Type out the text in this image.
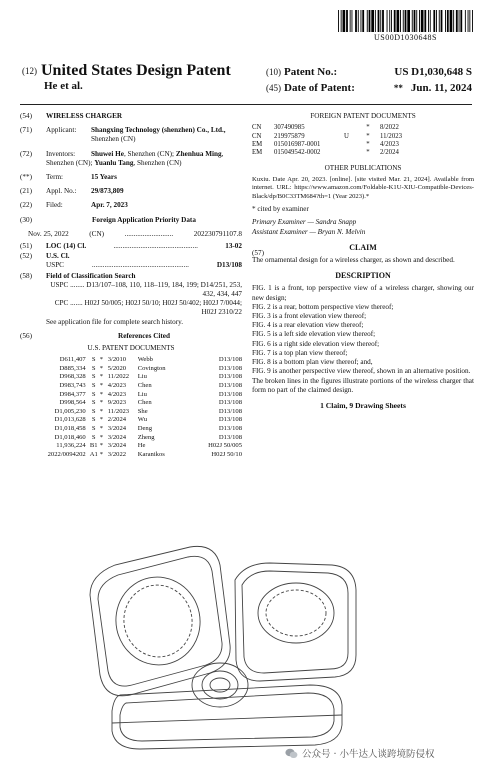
US00D1030648S
(12) United States Design Patent
He et al.
(10) Patent No.:	US D1,030,648 S
(45) Date of Patent:	** Jun. 11, 2024
(54) WIRELESS CHARGER
(71) Applicant: Shangxing Technology (shenzhen) Co., Ltd.,
Shenzhen (CN)
(72) Inventors: Shuwei He, Shenzhen (CN); Zhenhua Ming, Shenzhen (CN); Yuanlu Tang, Shenzhen (CN)
(**) Term:	15 Years
(21) Appl. No.: 29/873,809
(22) Filed:	Apr. 7, 2023
(30)	Foreign Application Priority Data
Nov. 25, 2022	(CN)	...........................	202230791107.8
(51) LOC (14) Cl.	...............................................	13-02
(52) U.S. Cl.
USPC	......................................................	D13/108
(58) Field of Classification Search
USPC ........ D13/107–108, 110, 118–119, 184, 199; D14/251, 253, 432, 434, 447
CPC ....... H02J 50/005; H02J 50/10; H02J 50/402; H02J 7/0044; H02J 2310/22
See application file for complete search history.
(56)	References Cited
U.S. PATENT DOCUMENTS
D611,407	S	*	3/2010	Webb	D13/108
D885,334	S	*	5/2020	Covington	D13/108
D968,328	S	*	11/2022	Liu	D13/108
D983,743	S	*	4/2023	Chen	D13/108
D984,377	S	*	4/2023	Liu	D13/108
D998,564	S	*	9/2023	Chen	D13/108
D1,005,230	S	*	11/2023	She	D13/108
D1,013,628	S	*	2/2024	Wu	D13/108
D1,018,458	S	*	3/2024	Deng	D13/108
D1,018,460	S	*	3/2024	Zheng	D13/108
11,936,224	B1	*	3/2024	He	H02J 50/005
2022/0094202	A1	*	3/2022	Karanikos	H02J 50/10
FOREIGN PATENT DOCUMENTS
CN	307490985		*	8/2022
CN	219975879	U	*	11/2023
EM	015016987-0001		*	4/2023
EM	015049542-0002		*	2/2024
OTHER PUBLICATIONS

Kuxiu. Date Apr. 20, 2023. [online]. [site visited Mar. 21, 2024]. Available from internet. URL: https://www.amazon.com/Foldable-K1U-XIU-Compatible-Devices-Black/dp/B0C33TM684?th=1 (Year 2023).*

* cited by examiner

Primary Examiner — Sandra Snapp

Assistant Examiner — Bryan N. Melvin

(57)
CLAIM

The ornamental design for a wireless charger, as shown and described.

DESCRIPTION

FIG. 1 is a front, top perspective view of a wireless charger, showing our new design;

FIG. 2 is a rear, bottom perspective view thereof;

FIG. 3 is a front elevation view thereof;

FIG. 4 is a rear elevation view thereof;

FIG. 5 is a left side elevation view thereof;

FIG. 6 is a right side elevation view thereof;

FIG. 7 is a top plan view thereof;

FIG. 8 is a bottom plan view thereof; and,

FIG. 9 is another perspective view thereof, shown in an alternative position.

The broken lines in the figures illustrate portions of the wireless charger that form no part of the claimed design.

1 Claim, 9 Drawing Sheets
公众号 · 小牛达人谈跨境防侵权
